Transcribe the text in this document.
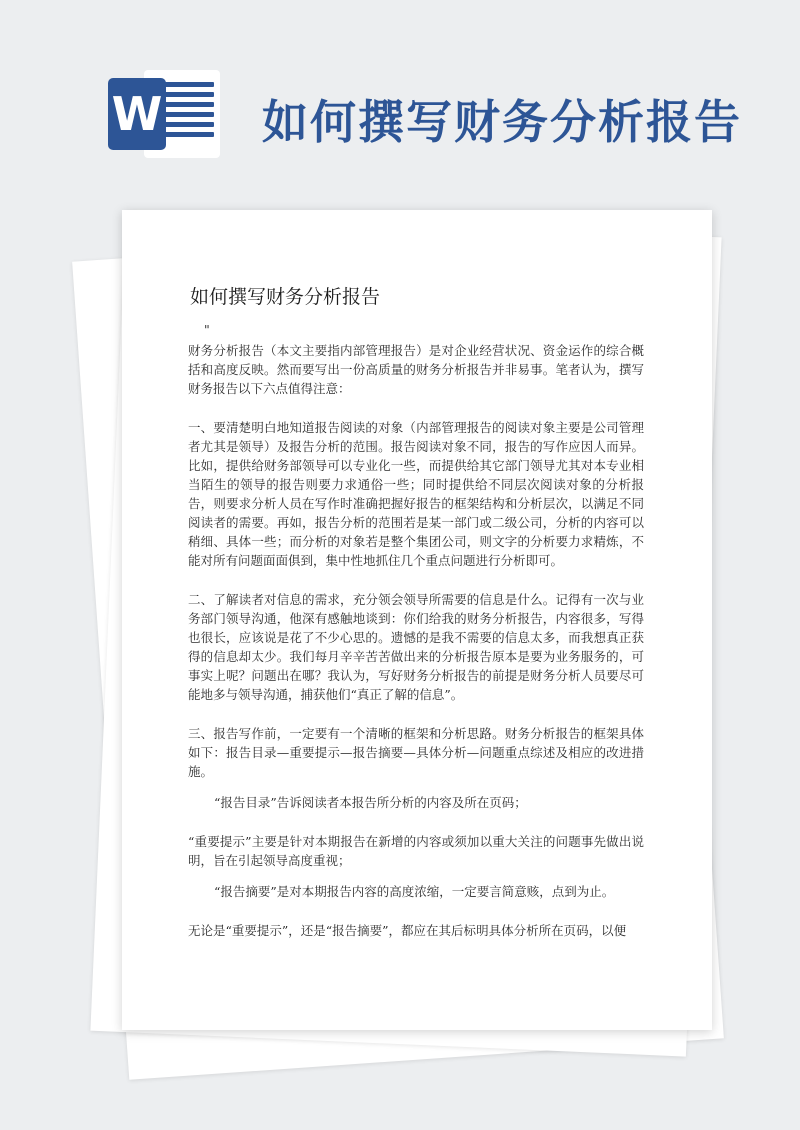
W 如何撰写财务分析报告
如何撰写财务分析报告

"

财务分析报告（本文主要指内部管理报告）是对企业经营状况、资金运作的综合概括和高度反映。然而要写出一份高质量的财务分析报告并非易事。笔者认为，撰写财务报告以下六点值得注意：

一、要清楚明白地知道报告阅读的对象（内部管理报告的阅读对象主要是公司管理者尤其是领导）及报告分析的范围。报告阅读对象不同，报告的写作应因人而异。比如，提供给财务部领导可以专业化一些，而提供给其它部门领导尤其对本专业相当陌生的领导的报告则要力求通俗一些；同时提供给不同层次阅读对象的分析报告，则要求分析人员在写作时准确把握好报告的框架结构和分析层次，以满足不同阅读者的需要。再如，报告分析的范围若是某一部门或二级公司，分析的内容可以稍细、具体一些；而分析的对象若是整个集团公司，则文字的分析要力求精炼，不能对所有问题面面俱到，集中性地抓住几个重点问题进行分析即可。

二、了解读者对信息的需求，充分领会领导所需要的信息是什么。记得有一次与业务部门领导沟通，他深有感触地谈到：你们给我的财务分析报告，内容很多，写得也很长，应该说是花了不少心思的。遗憾的是我不需要的信息太多，而我想真正获得的信息却太少。我们每月辛辛苦苦做出来的分析报告原本是要为业务服务的，可事实上呢？问题出在哪？我认为，写好财务分析报告的前提是财务分析人员要尽可能地多与领导沟通，捕获他们“真正了解的信息”。

三、报告写作前，一定要有一个清晰的框架和分析思路。财务分析报告的框架具体如下：报告目录—重要提示—报告摘要—具体分析—问题重点综述及相应的改进措施。

“报告目录”告诉阅读者本报告所分析的内容及所在页码；

“重要提示”主要是针对本期报告在新增的内容或须加以重大关注的问题事先做出说明，旨在引起领导高度重视；

“报告摘要”是对本期报告内容的高度浓缩，一定要言简意赅，点到为止。

无论是“重要提示”，还是“报告摘要”，都应在其后标明具体分析所在页码，以便
